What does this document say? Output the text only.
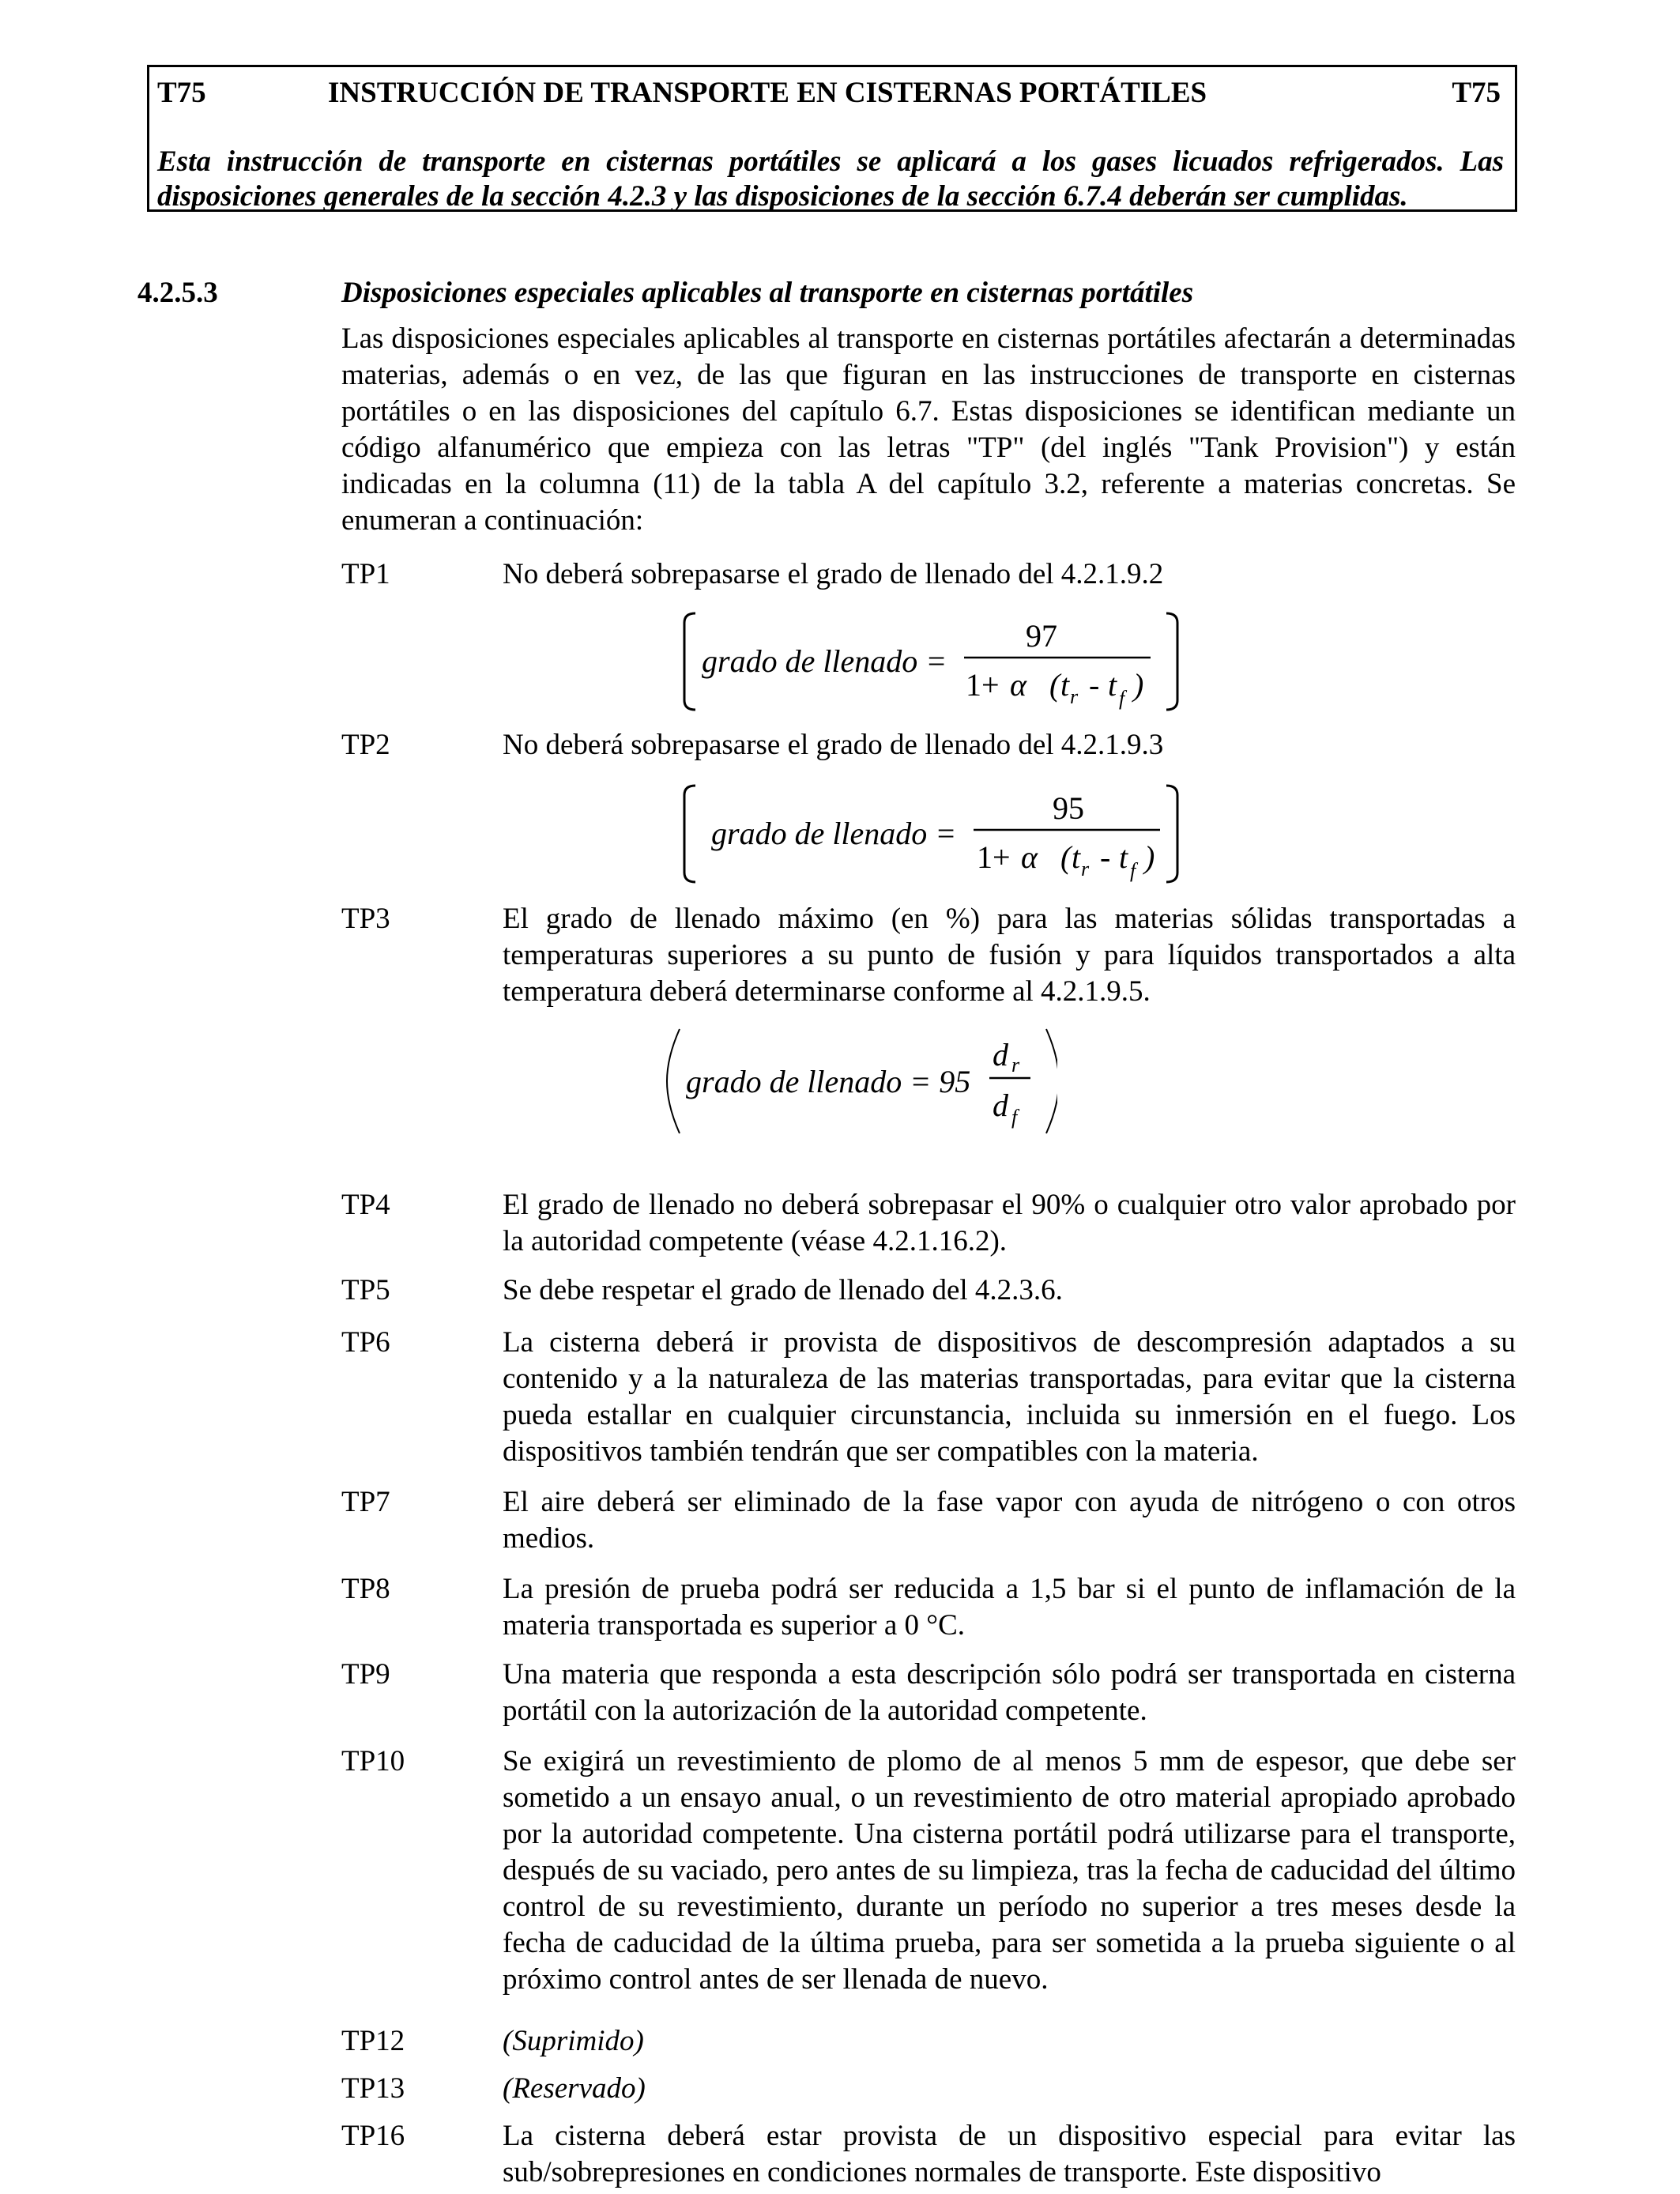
T75	INSTRUCCIÓN DE TRANSPORTE EN CISTERNAS PORTÁTILES	T75
Esta instrucción de transporte en cisternas portátiles se aplicará a los gases licuados refrigerados. Las
disposiciones generales de la sección 4.2.3 y las disposiciones de la sección 6.7.4 deberán ser cumplidas.
4.2.5.3	Disposiciones especiales aplicables al transporte en cisternas portátiles
Las disposiciones especiales aplicables al transporte en cisternas portátiles afectarán a determinadas materias, además o en vez, de las que figuran en las instrucciones de transporte en cisternas portátiles o en las disposiciones del capítulo 6.7. Estas disposiciones se identifican mediante un código alfanumérico que empieza con las letras "TP" (del inglés "Tank Provision") y están indicadas en la columna (11) de la tabla A del capítulo 3.2, referente a materias concretas. Se enumeran a continuación:
TP1	No deberá sobrepasarse el grado de llenado del 4.2.1.9.2
grado de llenado =
97
1+ α ( t r - t f )
TP2	No deberá sobrepasarse el grado de llenado del 4.2.1.9.3
grado de llenado =
95
1+ α ( t r - t f )
TP3	El grado de llenado máximo (en %) para las materias sólidas transportadas a temperaturas superiores a su punto de fusión y para líquidos transportados a alta temperatura deberá determinarse conforme al 4.2.1.9.5.
grado de llenado = 95
d r
d f
TP4	El grado de llenado no deberá sobrepasar el 90% o cualquier otro valor aprobado por la autoridad competente (véase 4.2.1.16.2).
TP5	Se debe respetar el grado de llenado del 4.2.3.6.
TP6	La cisterna deberá ir provista de dispositivos de descompresión adaptados a su contenido y a la naturaleza de las materias transportadas, para evitar que la cisterna pueda estallar en cualquier circunstancia, incluida su inmersión en el fuego. Los dispositivos también tendrán que ser compatibles con la materia.
TP7	El aire deberá ser eliminado de la fase vapor con ayuda de nitrógeno o con otros medios.
TP8	La presión de prueba podrá ser reducida a 1,5 bar si el punto de inflamación de la materia transportada es superior a 0 °C.
TP9	Una materia que responda a esta descripción sólo podrá ser transportada en cisterna portátil con la autorización de la autoridad competente.
TP10	Se exigirá un revestimiento de plomo de al menos 5 mm de espesor, que debe ser sometido a un ensayo anual, o un revestimiento de otro material apropiado aprobado por la autoridad competente. Una cisterna portátil podrá utilizarse para el transporte, después de su vaciado, pero antes de su limpieza, tras la fecha de caducidad del último control de su revestimiento, durante un período no superior a tres meses desde la fecha de caducidad de la última prueba, para ser sometida a la prueba siguiente o al próximo control antes de ser llenada de nuevo.
TP12	(Suprimido)
TP13	(Reservado)
TP16	La cisterna deberá estar provista de un dispositivo especial para evitar las sub/sobrepresiones en condiciones normales de transporte. Este dispositivo
